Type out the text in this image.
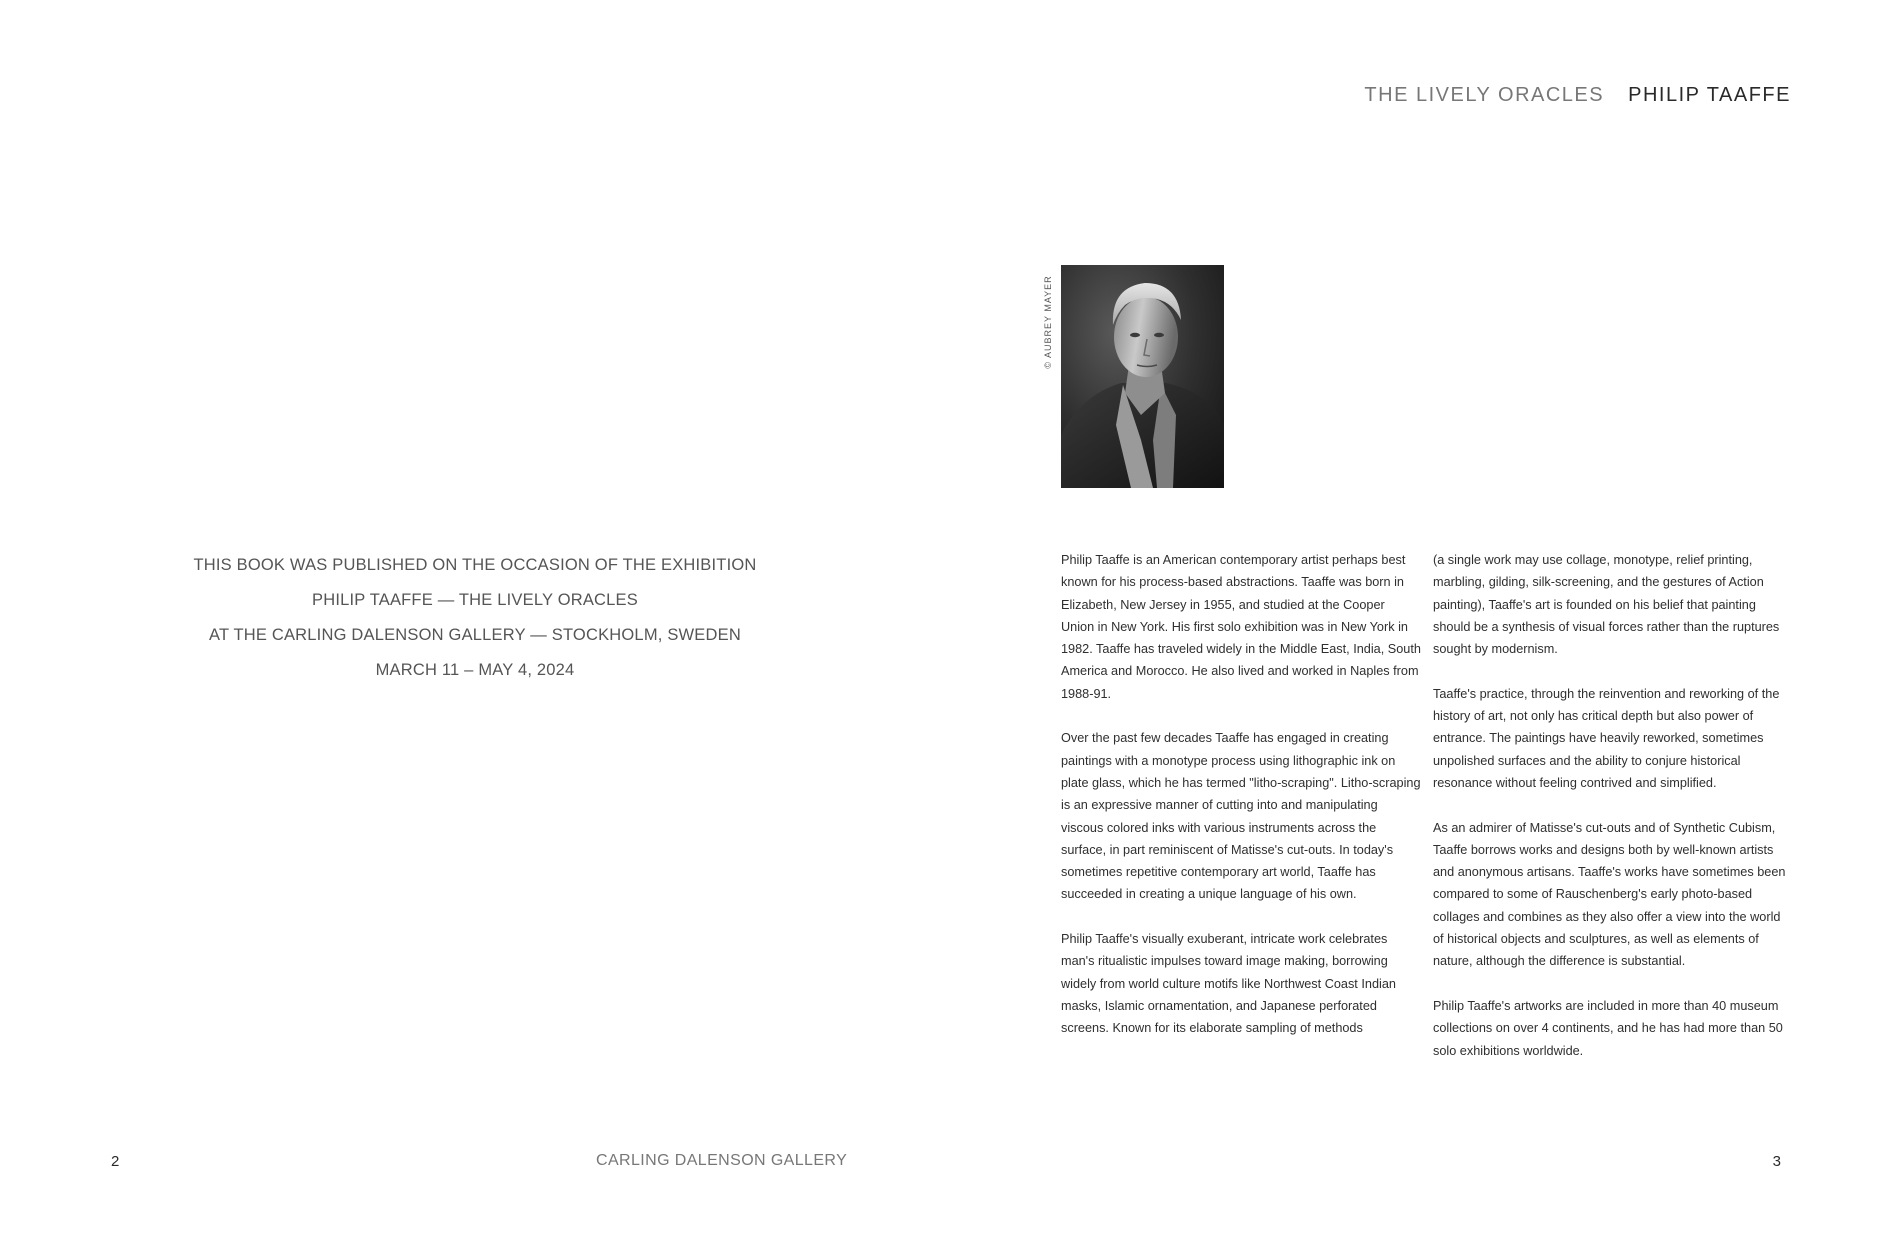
THE LIVELY ORACLES PHILIP TAAFFE
THIS BOOK WAS PUBLISHED ON THE OCCASION OF THE EXHIBITION
PHILIP TAAFFE — THE LIVELY ORACLES
AT THE CARLING DALENSON GALLERY — STOCKHOLM, SWEDEN
MARCH 11 – MAY 4, 2024
© AUBREY MAYER

Philip Taaffe is an American contemporary artist perhaps best known for his process-based abstractions. Taaffe was born in Elizabeth, New Jersey in 1955, and studied at the Cooper Union in New York. His first solo exhibition was in New York in 1982. Taaffe has traveled widely in the Middle East, India, South America and Morocco. He also lived and worked in Naples from 1988-91.

Over the past few decades Taaffe has engaged in creating paintings with a monotype process using lithographic ink on plate glass, which he has termed "litho-scraping". Litho-scraping is an expressive manner of cutting into and manipulating viscous colored inks with various instruments across the surface, in part reminiscent of Matisse's cut-outs. In today's sometimes repetitive contemporary art world, Taaffe has succeeded in creating a unique language of his own.

Philip Taaffe's visually exuberant, intricate work celebrates man's ritualistic impulses toward image making, borrowing widely from world culture motifs like Northwest Coast Indian masks, Islamic ornamentation, and Japanese perforated screens. Known for its elaborate sampling of methods

(a single work may use collage, monotype, relief printing, marbling, gilding, silk-screening, and the gestures of Action painting), Taaffe's art is founded on his belief that painting should be a synthesis of visual forces rather than the ruptures sought by modernism.

Taaffe's practice, through the reinvention and reworking of the history of art, not only has critical depth but also power of entrance. The paintings have heavily reworked, sometimes unpolished surfaces and the ability to conjure historical resonance without feeling contrived and simplified.

As an admirer of Matisse's cut-outs and of Synthetic Cubism, Taaffe borrows works and designs both by well-known artists and anonymous artisans. Taaffe's works have sometimes been compared to some of Rauschenberg's early photo-based collages and combines as they also offer a view into the world of historical objects and sculptures, as well as elements of nature, although the difference is substantial.

Philip Taaffe's artworks are included in more than 40 museum collections on over 4 continents, and he has had more than 50 solo exhibitions worldwide.

2	CARLING DALENSON GALLERY	3
